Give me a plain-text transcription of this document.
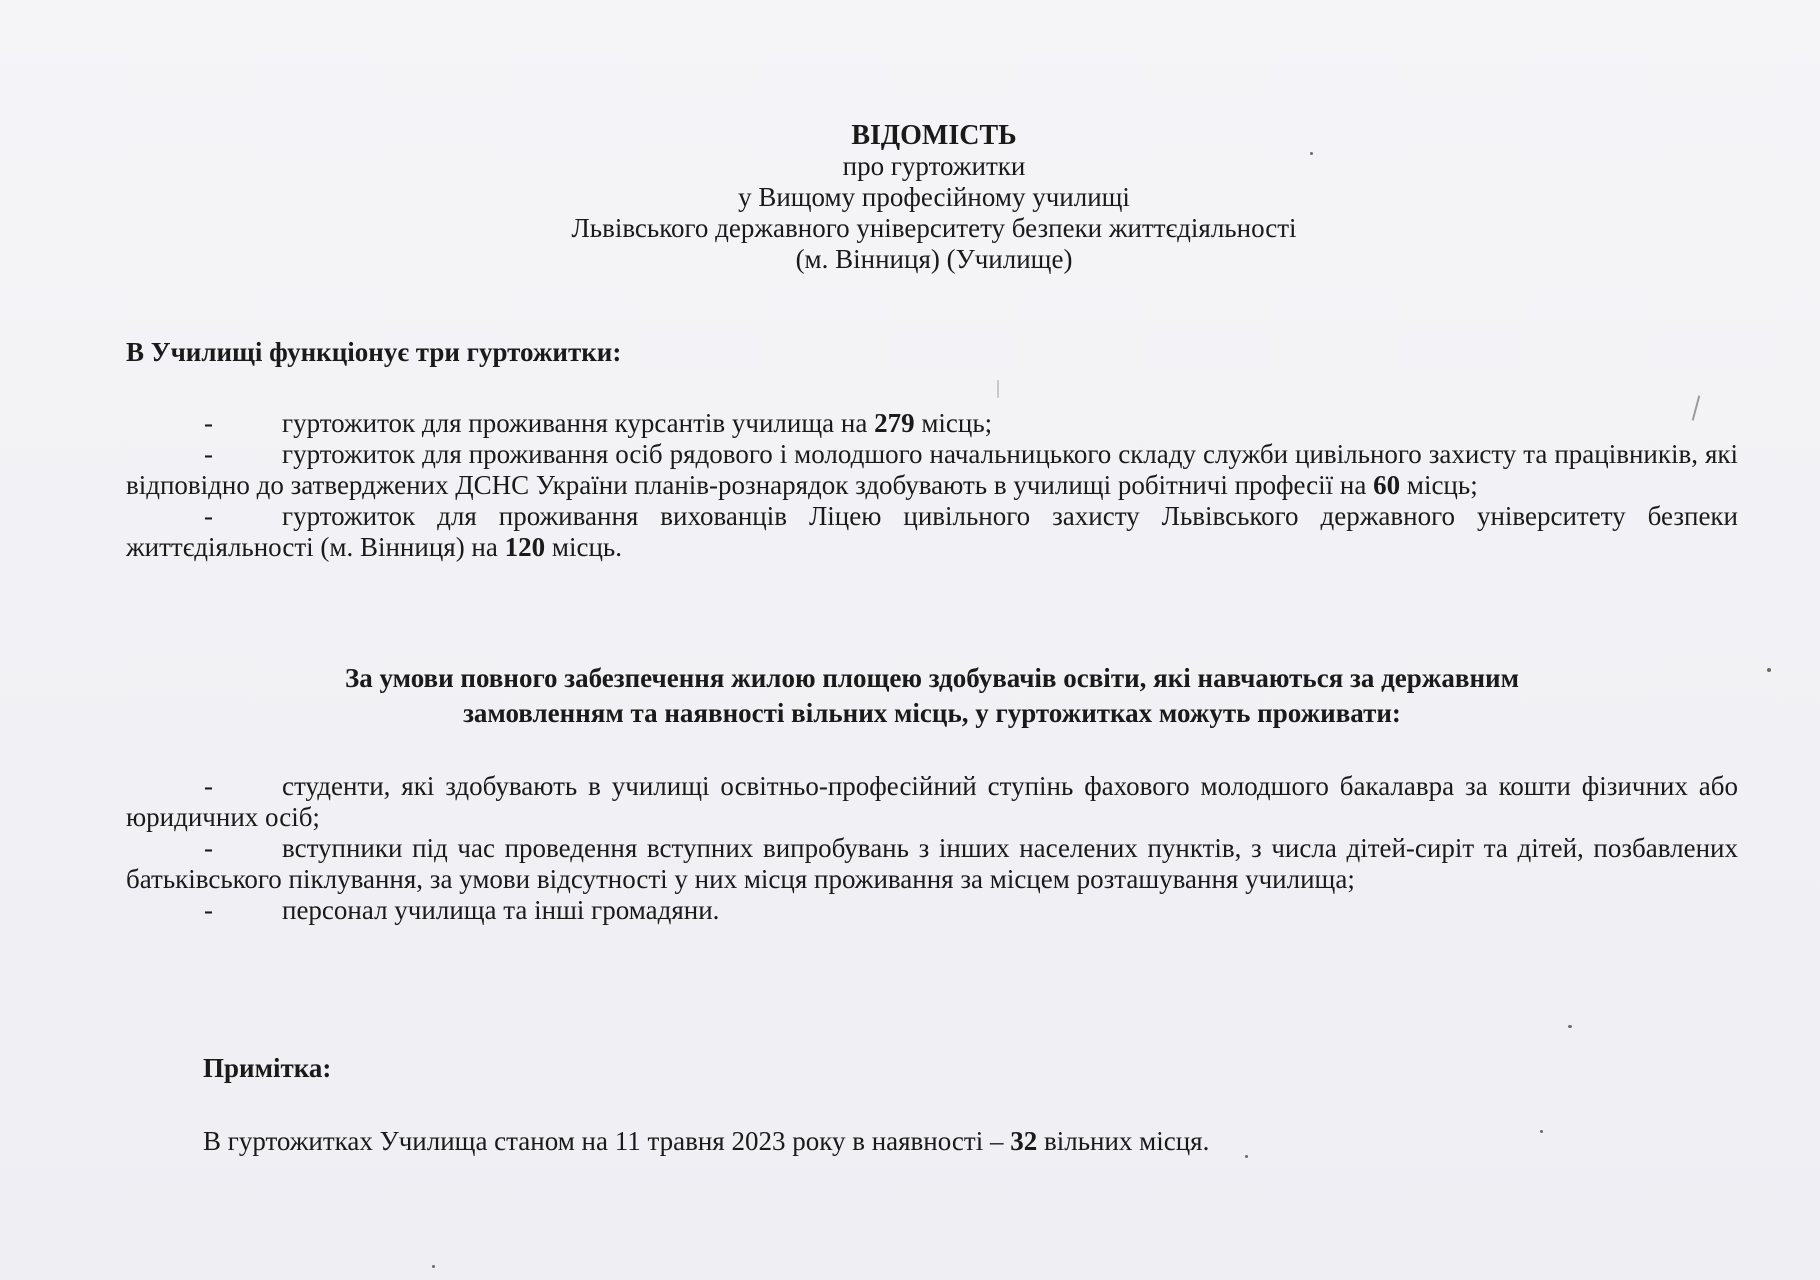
ВІДОМІСТЬ
про гуртожитки
у Вищому професійному училищі
Львівського державного університету безпеки життєдіяльності
(м. Вінниця) (Училище)
В Училищі функціонує три гуртожитки:

-	гуртожиток для проживання курсантів училища на 279 місць;

-	гуртожиток для проживання осіб рядового і молодшого начальницького складу служби цивільного захисту та працівників, які відповідно до затверджених ДСНС України планів-рознарядок здобувають в училищі робітничі професії на 60 місць;

-	гуртожиток для проживання вихованців Ліцею цивільного захисту Львівського державного університету безпеки життєдіяльності (м. Вінниця) на 120 місць.

За умови повного забезпечення жилою площею здобувачів освіти, які навчаються за державним
замовленням та наявності вільних місць, у гуртожитках можуть проживати:

-	студенти, які здобувають в училищі освітньо-професійний ступінь фахового молодшого бакалавра за кошти фізичних або юридичних осіб;

-	вступники під час проведення вступних випробувань з інших населених пунктів, з числа дітей-сиріт та дітей, позбавлених батьківського піклування, за умови відсутності у них місця проживання за місцем розташування училища;

-	персонал училища та інші громадяни.

Примітка:
В гуртожитках Училища станом на 11 травня 2023 року в наявності – 32 вільних місця.
